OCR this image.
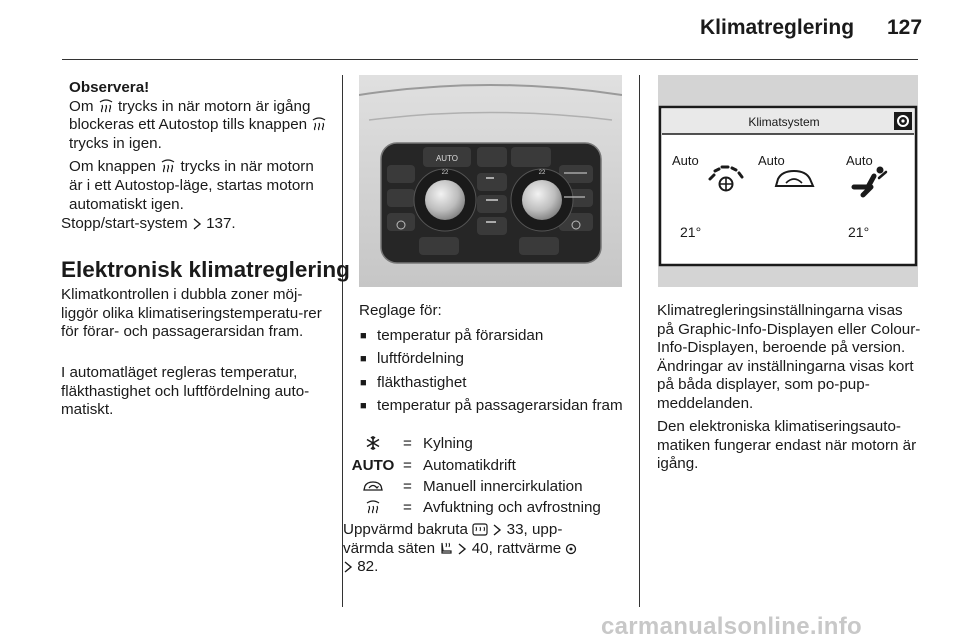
Klimatreglering 127
Observera!
Om trycks in när motorn är igång blockeras ett Autostop tills knappen  trycks in igen.
Om knappen trycks in när motorn är i ett Autostop-läge, startas motorn automatiskt igen.
Stopp/start-system 137.
Elektronisk klimatreglering
Klimatkontrollen i dubbla zoner möj-liggör olika klimatiseringstemperatu-rer för förar- och passagerarsidan fram.
I automatläget regleras temperatur, fläkthastighet och luftfördelning auto-matiskt.
AUTO
22	22
Reglage för:
■ temperatur på förarsidan
■ luftfördelning
■ fläkthastighet
■ temperatur på passagerarsidan fram
= Kylning
AUTO = Automatikdrift
= Manuell innercirkulation
= Avfuktning och avfrostning
Uppvärmd bakruta	33, upp-
värmda säten 40, rattvärme
82.
Klimatsystem
Auto	Auto	Auto
21°	21°
Klimatregleringsinställningarna visas på Graphic-Info-Displayen eller Colour-Info-Displayen, beroende på version. Ändringar av inställningarna visas kort på båda displayer, som po-pup-meddelanden.
Den elektroniska klimatiseringsauto-matiken fungerar endast när motorn är igång.
carmanualsonline.info
